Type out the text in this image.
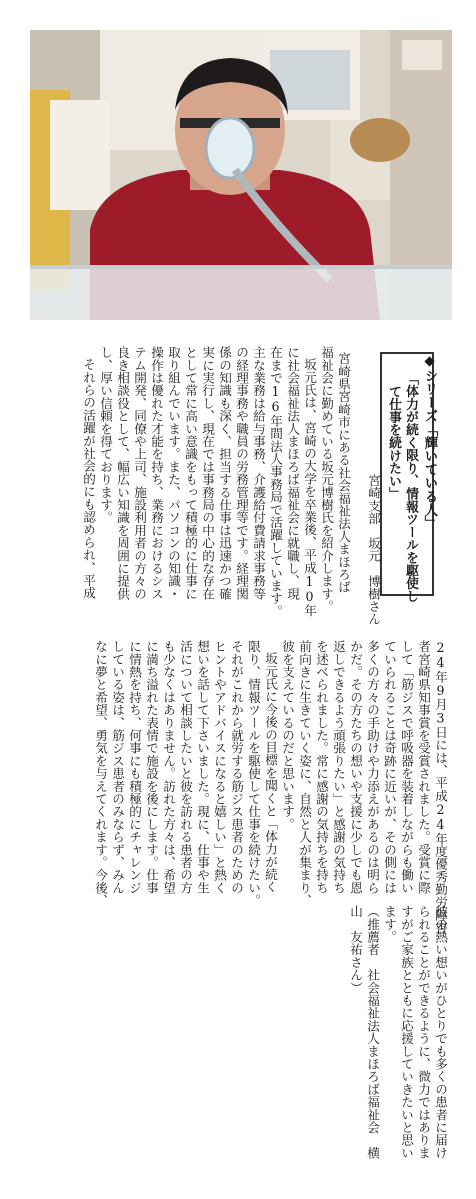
◆シリーズ「輝いている人」
「体力が続く限り、情報ツールを駆使し
て仕事を続けたい」
宮崎支部　坂元　博樹さん
宮崎県宮崎市にある社会福祉法人まほろば
福祉会に勤めている坂元博樹氏を紹介します。
坂元氏は、宮崎の大学を卒業後、平成10年
に社会福祉法人まほろば福祉会に就職し、現
在まで16年間法人事務局で活躍しています。
主な業務は給与事務、介護給付費請求事務等
の経理事務や職員の労務管理等です。経理関
係の知識も深く、担当する仕事は迅速かつ確
実に実行し、現在では事務局の中心的な存在
として常に高い意識をもって積極的に仕事に
取り組んでいます。また、パソコンの知識・
操作は優れた才能を持ち、業務におけるシス
テム開発、同僚や上司、施設利用者の方々の
良き相談役として、幅広い知識を周囲に提供
し、厚い信頼を得ております。
それらの活躍が社会的にも認められ、平成
24年9月3日には、平成24年度優秀勤労障害
者宮崎県知事賞を受賞されました。受賞に際
して「筋ジスで呼吸器を装着しながらも働い
ていられることは奇跡に近いが、その側には
多くの方々の手助けや力添えがあるのは明ら
かだ。その方たちの想いや支援に少しでも恩
返しできるよう頑張りたい」と感謝の気持ち
を述べられました。常に感謝の気持ちを持ち
前向きに生きていく姿に、自然と人が集まり、
彼を支えているのだと思います。
坂元氏に今後の目標を聞くと「体力が続く
限り、情報ツールを駆使して仕事を続けたい。
それがこれから就労する筋ジス患者のための
ヒントやアドバイスになると嬉しい」と熱く
想いを話して下さいました。現に、仕事や生
活について相談したいと彼を訪れる患者の方
も少なくはありません。訪れた方々は、希望
に満ち溢れた表情で施設を後にします。仕事
に情熱を持ち、何事にも積極的にチャレンジ
している姿は、筋ジス患者のみならず、みん
なに夢と希望、勇気を与えてくれます。今後、
彼の熱い想いがひとりでも多くの患者に届け
られることができるように、微力ではありま
すがご家族とともに応援していきたいと思い
ます。
（推薦者　社会福祉法人まほろば福祉会　横
山　友祐さん）
